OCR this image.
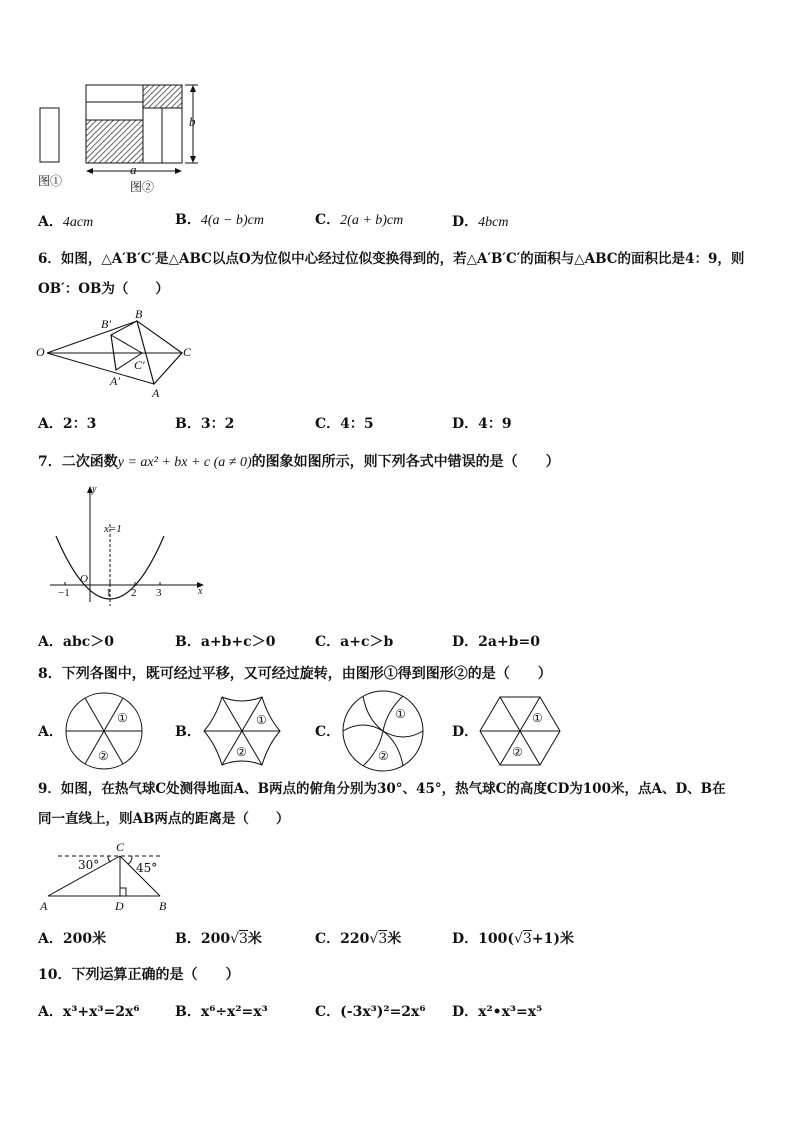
b
a
图①	图②
A．4acm	B．4(a − b)cm	C．2(a + b)cm	D．4bcm
6．如图，△A′B′C′是△ABC以点O为位似中心经过位似变换得到的，若△A′B′C′的面积与△ABC的面积比是4：9，则
OB′：OB为（　　）
O
B′
B
C
C′
A′
A
A．2：3	B．3：2	C．4：5	D．4：9
7．二次函数y = ax² + bx + c (a ≠ 0)的图象如图所示，则下列各式中错误的是（　　）
y
x
x=1
O
−1	1 2 3
A．abc＞0	B．a+b+c＞0	C．a+c＞b	D．2a+b=0
8．下列各图中，既可经过平移，又可经过旋转，由图形①得到图形②的是（　　）
A．	B．	C．	D．
①
②
①
②
①
②
①
②
9．如图，在热气球C处测得地面A、B两点的俯角分别为30°、45°，热气球C的高度CD为100米，点A、D、B在
同一直线上，则AB两点的距离是（　　）
C
30°	45°
A	D	B
A．200米	B．200√3米	C．220√3米	D．100(√3+1)米
10．下列运算正确的是（　　）
A．x³+x³=2x⁶	B．x⁶÷x²=x³	C．(-3x³)²=2x⁶ D．x²•x³=x⁵
